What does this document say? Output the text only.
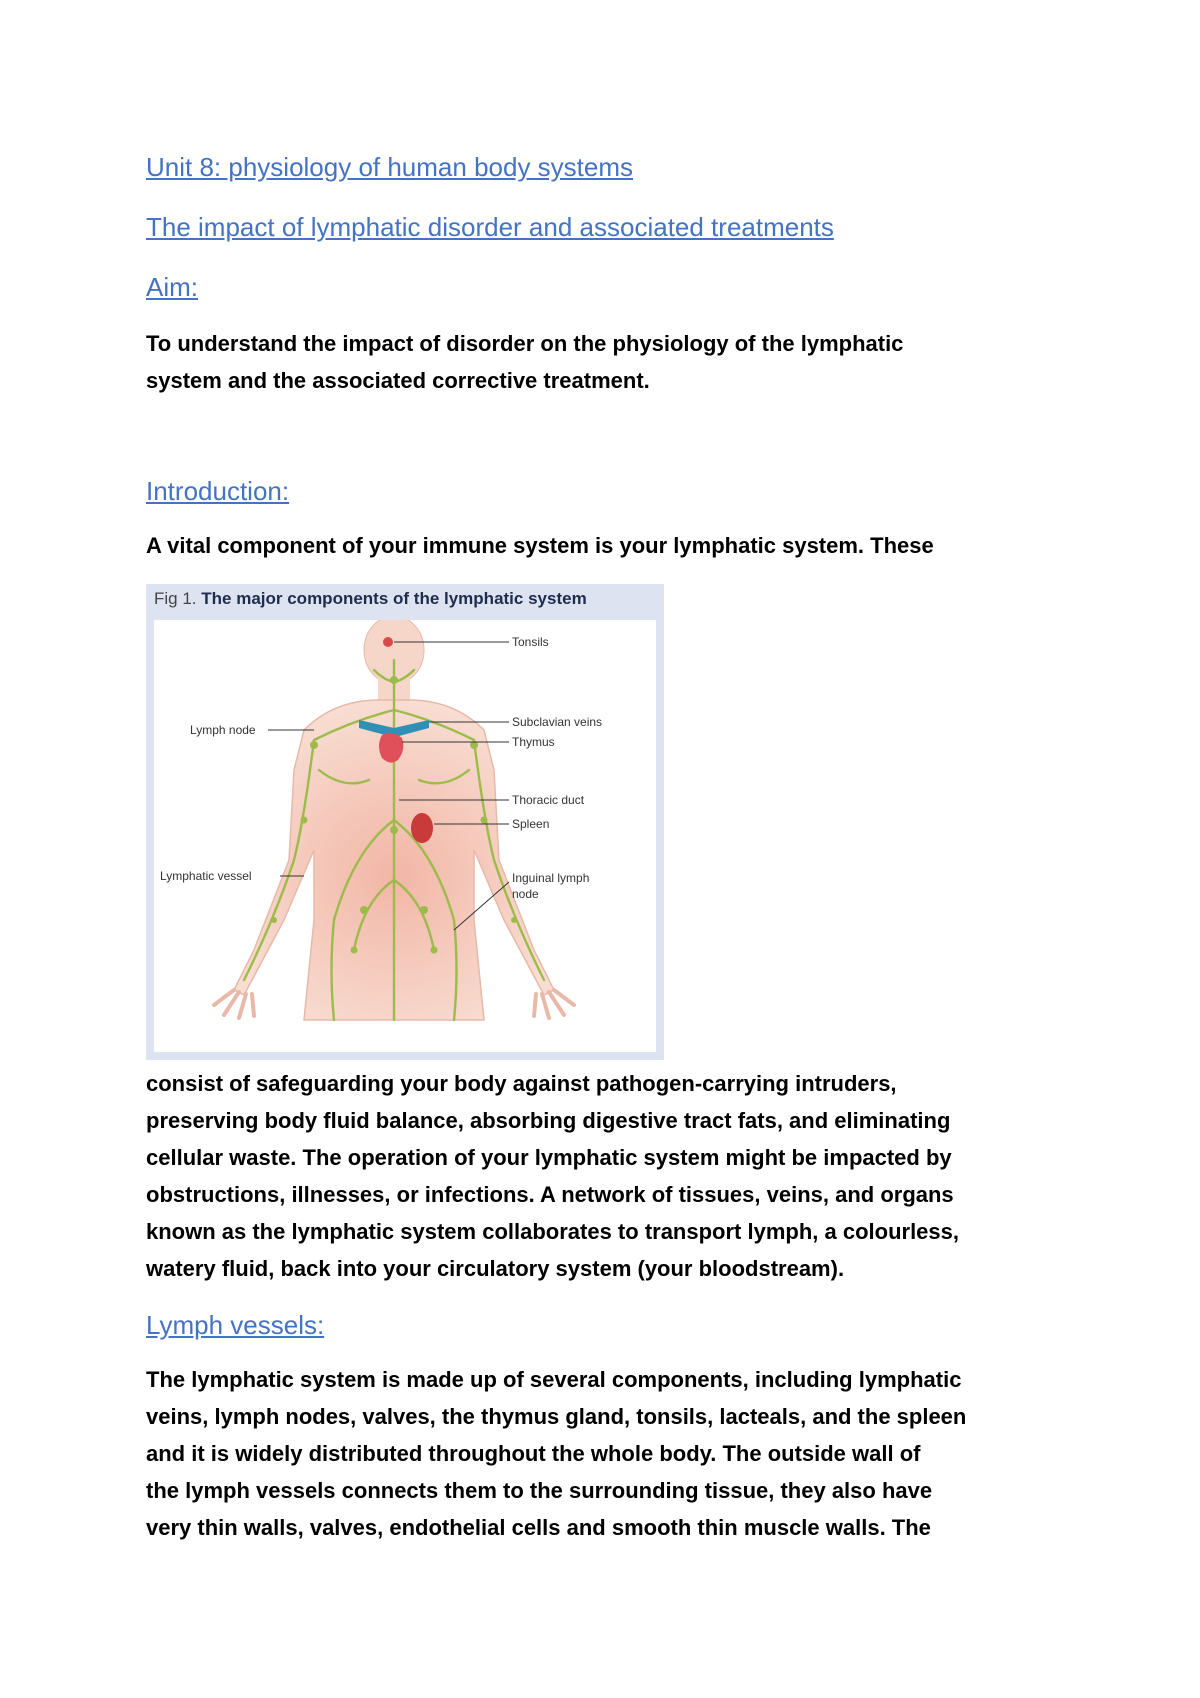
Unit 8: physiology of human body systems
The impact of lymphatic disorder and associated treatments
Aim:
To understand the impact of disorder on the physiology of the lymphatic
system and the associated corrective treatment.
Introduction:
A vital component of your immune system is your lymphatic system. These
Fig 1. The major components of the lymphatic system
Tonsils
Subclavian veins
Thymus
Thoracic duct
Spleen
Inguinal lymph
node
Lymph node
Lymphatic vessel
consist of safeguarding your body against pathogen-carrying intruders,
preserving body fluid balance, absorbing digestive tract fats, and eliminating
cellular waste. The operation of your lymphatic system might be impacted by
obstructions, illnesses, or infections. A network of tissues, veins, and organs
known as the lymphatic system collaborates to transport lymph, a colourless,
watery fluid, back into your circulatory system (your bloodstream).
Lymph vessels:
The lymphatic system is made up of several components, including lymphatic
veins, lymph nodes, valves, the thymus gland, tonsils, lacteals, and the spleen
and it is widely distributed throughout the whole body. The outside wall of
the lymph vessels connects them to the surrounding tissue, they also have
very thin walls, valves, endothelial cells and smooth thin muscle walls. The
